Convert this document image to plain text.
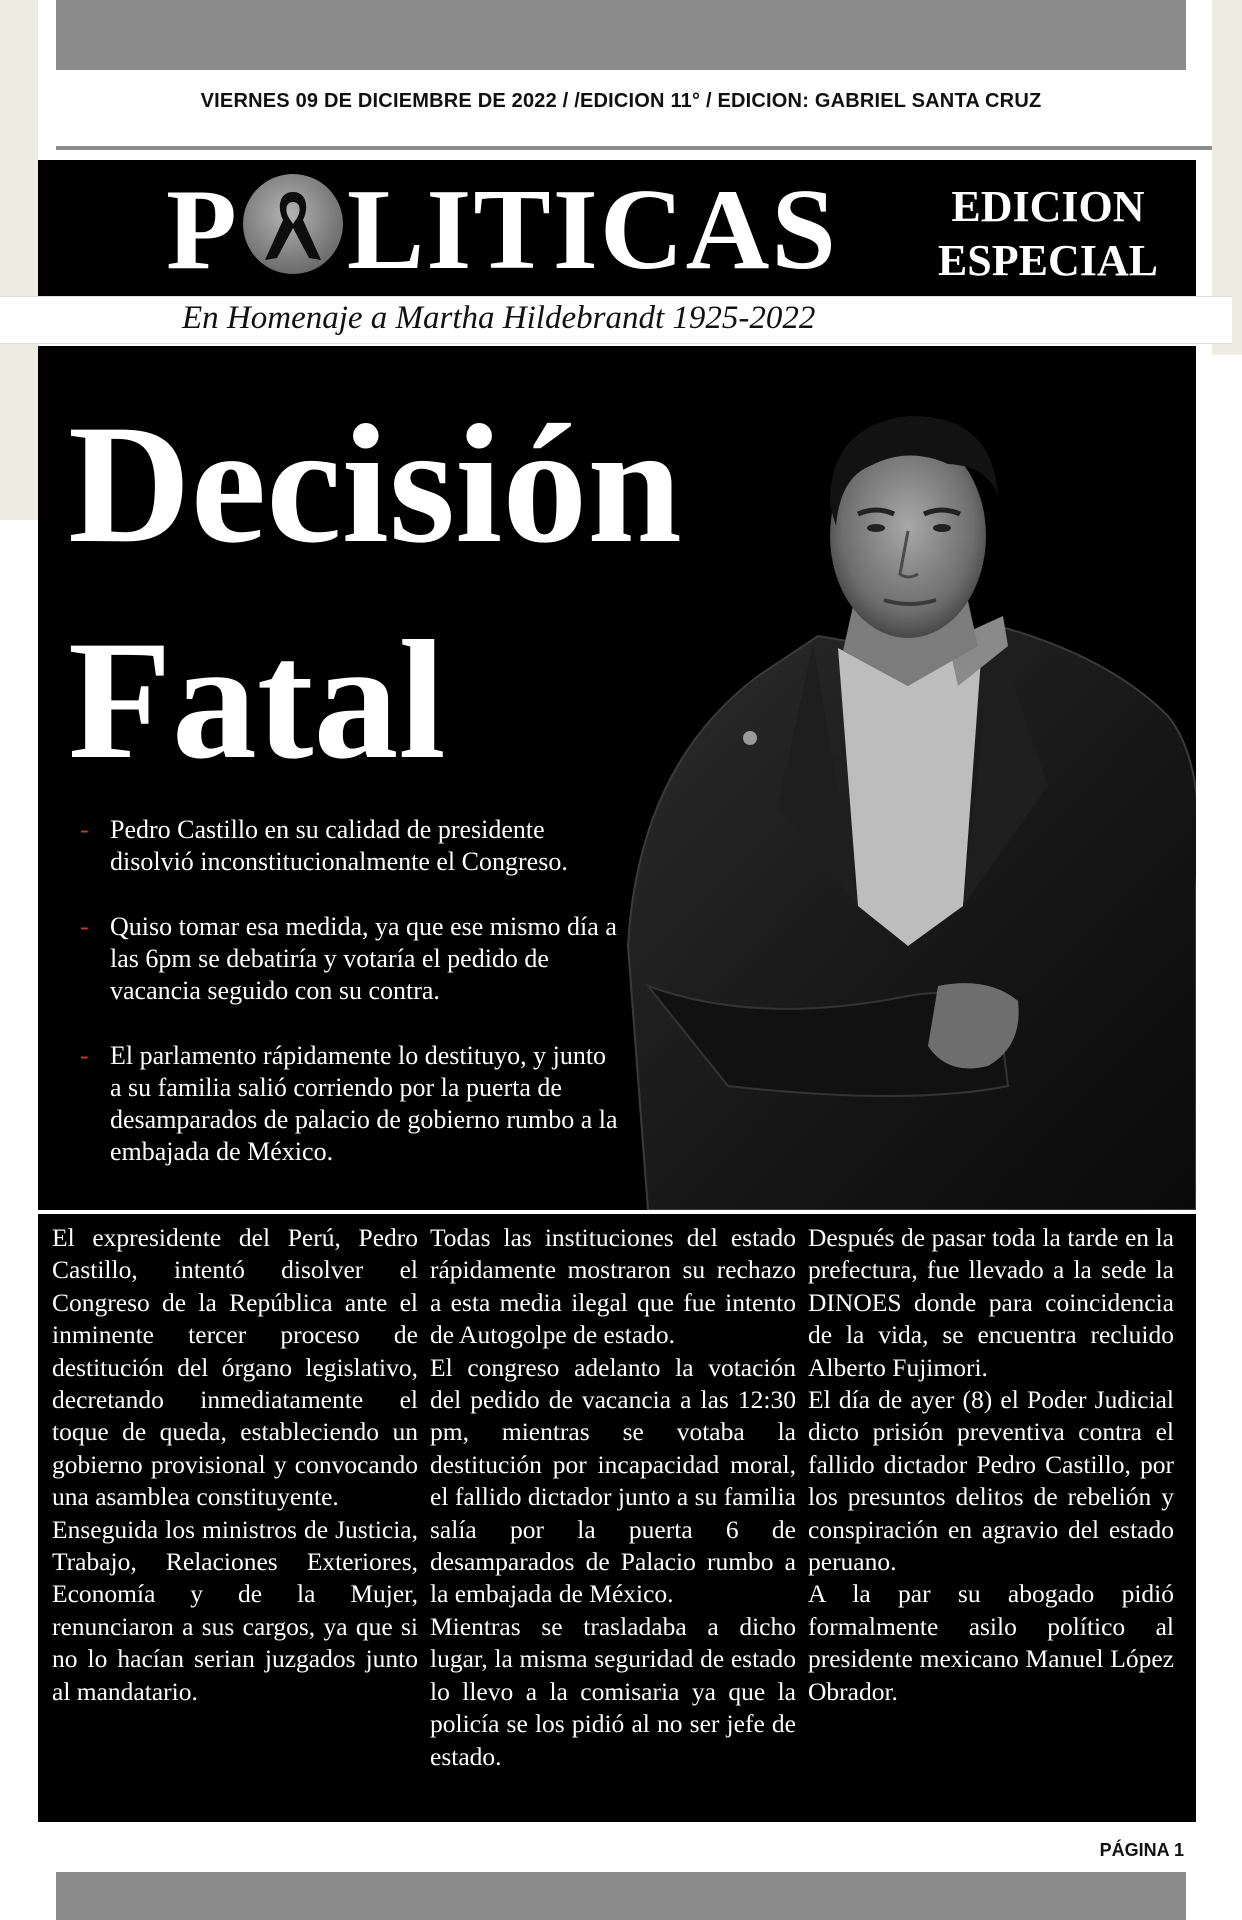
VIERNES 09 DE DICIEMBRE DE 2022 / /EDICION 11° / EDICION: GABRIEL SANTA CRUZ
P LITICAS	EDICION
ESPECIAL
En Homenaje a Martha Hildebrandt 1925-2022
Decisión
Fatal
- Pedro Castillo en su calidad de presidente disolvió inconstitucionalmente el Congreso.
- Quiso tomar esa medida, ya que ese mismo día a las 6pm se debatiría y votaría el pedido de vacancia seguido con su contra.
- El parlamento rápidamente lo destituyo, y junto a su familia salió corriendo por la puerta de desamparados de palacio de gobierno rumbo a la embajada de México.

El expresidente del Perú, Pedro Castillo, intentó disolver el Congreso de la República ante el inminente tercer proceso de destitución del órgano legislativo, decretando inmediatamente el toque de queda, estableciendo un gobierno provisional y convocando una asamblea constituyente.

Enseguida los ministros de Justicia, Trabajo, Relaciones Exteriores, Economía y de la Mujer, renunciaron a sus cargos, ya que si no lo hacían serian juzgados junto al mandatario.

Todas las instituciones del estado rápidamente mostraron su rechazo a esta media ilegal que fue intento de Autogolpe de estado.

El congreso adelanto la votación del pedido de vacancia a las 12:30 pm, mientras se votaba la destitución por incapacidad moral, el fallido dictador junto a su familia salía por la puerta 6 de desamparados de Palacio rumbo a la embajada de México.

Mientras se trasladaba a dicho lugar, la misma seguridad de estado lo llevo a la comisaria ya que la policía se los pidió al no ser jefe de estado.

Después de pasar toda la tarde en la prefectura, fue llevado a la sede la DINOES donde para coincidencia de la vida, se encuentra recluido Alberto Fujimori.

El día de ayer (8) el Poder Judicial dicto prisión preventiva contra el fallido dictador Pedro Castillo, por los presuntos delitos de rebelión y conspiración en agravio del estado peruano.

A la par su abogado pidió formalmente asilo político al presidente mexicano Manuel López Obrador.

PÁGINA 1
